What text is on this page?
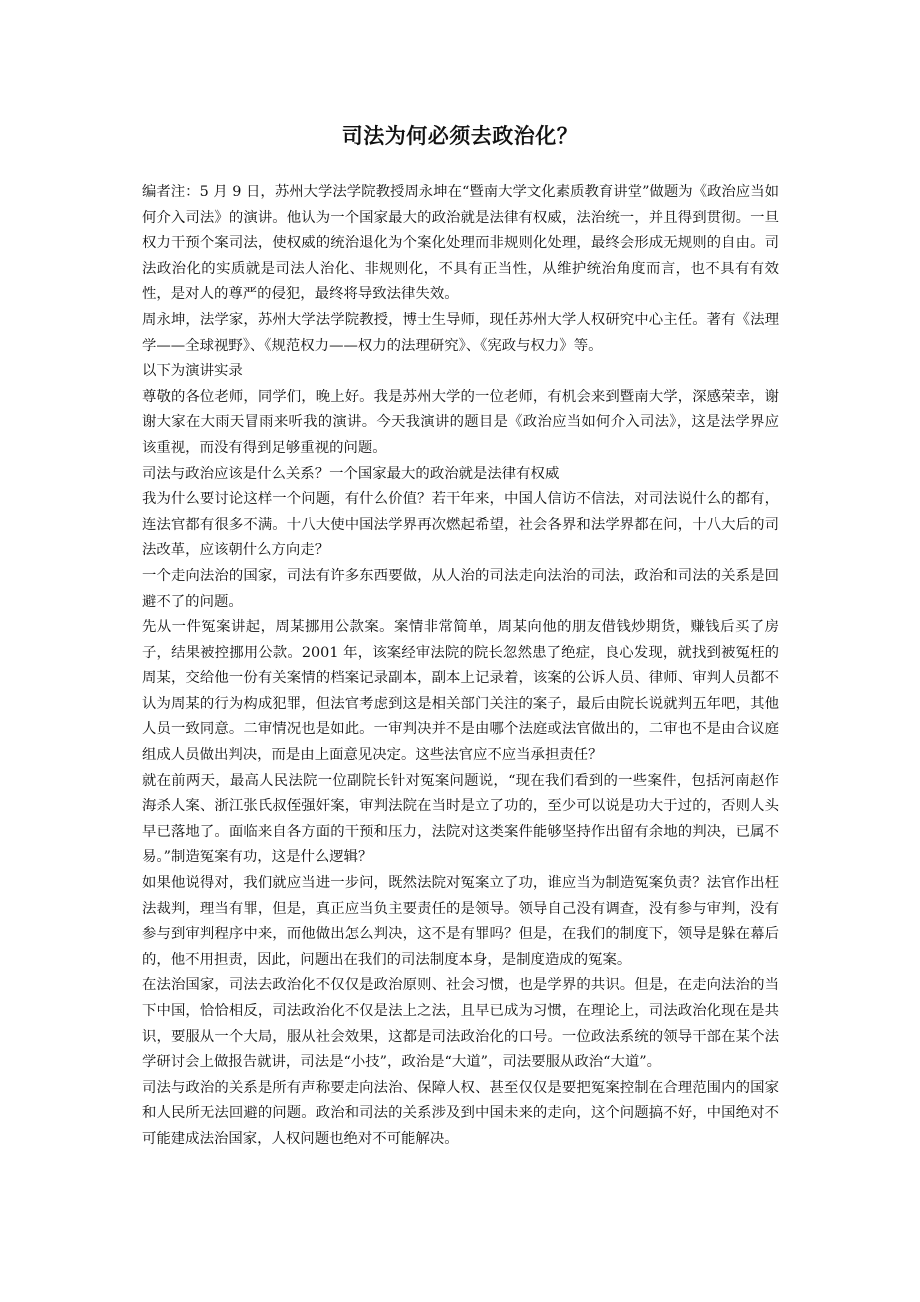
司法为何必须去政治化？

编者注：5 月 9 日，苏州大学法学院教授周永坤在“暨南大学文化素质教育讲堂”做题为《政治应当如何介入司法》的演讲。他认为一个国家最大的政治就是法律有权威，法治统一，并且得到贯彻。一旦权力干预个案司法，使权威的统治退化为个案化处理而非规则化处理，最终会形成无规则的自由。司法政治化的实质就是司法人治化、非规则化，不具有正当性，从维护统治角度而言，也不具有有效性，是对人的尊严的侵犯，最终将导致法律失效。

周永坤，法学家，苏州大学法学院教授，博士生导师，现任苏州大学人权研究中心主任。著有《法理学——全球视野》、《规范权力——权力的法理研究》、《宪政与权力》等。

以下为演讲实录

尊敬的各位老师，同学们，晚上好。我是苏州大学的一位老师，有机会来到暨南大学，深感荣幸，谢谢大家在大雨天冒雨来听我的演讲。今天我演讲的题目是《政治应当如何介入司法》，这是法学界应该重视，而没有得到足够重视的问题。

司法与政治应该是什么关系？一个国家最大的政治就是法律有权威

我为什么要讨论这样一个问题，有什么价值？若干年来，中国人信访不信法，对司法说什么的都有，连法官都有很多不满。十八大使中国法学界再次燃起希望，社会各界和法学界都在问，十八大后的司法改革，应该朝什么方向走？

一个走向法治的国家，司法有许多东西要做，从人治的司法走向法治的司法，政治和司法的关系是回避不了的问题。

先从一件冤案讲起，周某挪用公款案。案情非常简单，周某向他的朋友借钱炒期货，赚钱后买了房子，结果被控挪用公款。2001 年，该案经审法院的院长忽然患了绝症，良心发现，就找到被冤枉的周某，交给他一份有关案情的档案记录副本，副本上记录着，该案的公诉人员、律师、审判人员都不认为周某的行为构成犯罪，但法官考虑到这是相关部门关注的案子，最后由院长说就判五年吧，其他人员一致同意。二审情况也是如此。一审判决并不是由哪个法庭或法官做出的，二审也不是由合议庭组成人员做出判决，而是由上面意见决定。这些法官应不应当承担责任？

就在前两天，最高人民法院一位副院长针对冤案问题说，“现在我们看到的一些案件，包括河南赵作海杀人案、浙江张氏叔侄强奸案，审判法院在当时是立了功的，至少可以说是功大于过的，否则人头早已落地了。面临来自各方面的干预和压力，法院对这类案件能够坚持作出留有余地的判决，已属不易。”制造冤案有功，这是什么逻辑？

如果他说得对，我们就应当进一步问，既然法院对冤案立了功，谁应当为制造冤案负责？法官作出枉法裁判，理当有罪，但是，真正应当负主要责任的是领导。领导自己没有调查，没有参与审判，没有参与到审判程序中来，而他做出怎么判决，这不是有罪吗？但是，在我们的制度下，领导是躲在幕后的，他不用担责，因此，问题出在我们的司法制度本身，是制度造成的冤案。

在法治国家，司法去政治化不仅仅是政治原则、社会习惯，也是学界的共识。但是，在走向法治的当下中国，恰恰相反，司法政治化不仅是法上之法，且早已成为习惯，在理论上，司法政治化现在是共识，要服从一个大局，服从社会效果，这都是司法政治化的口号。一位政法系统的领导干部在某个法学研讨会上做报告就讲，司法是“小技”，政治是“大道”，司法要服从政治“大道”。

司法与政治的关系是所有声称要走向法治、保障人权、甚至仅仅是要把冤案控制在合理范围内的国家和人民所无法回避的问题。政治和司法的关系涉及到中国未来的走向，这个问题搞不好，中国绝对不可能建成法治国家，人权问题也绝对不可能解决。
